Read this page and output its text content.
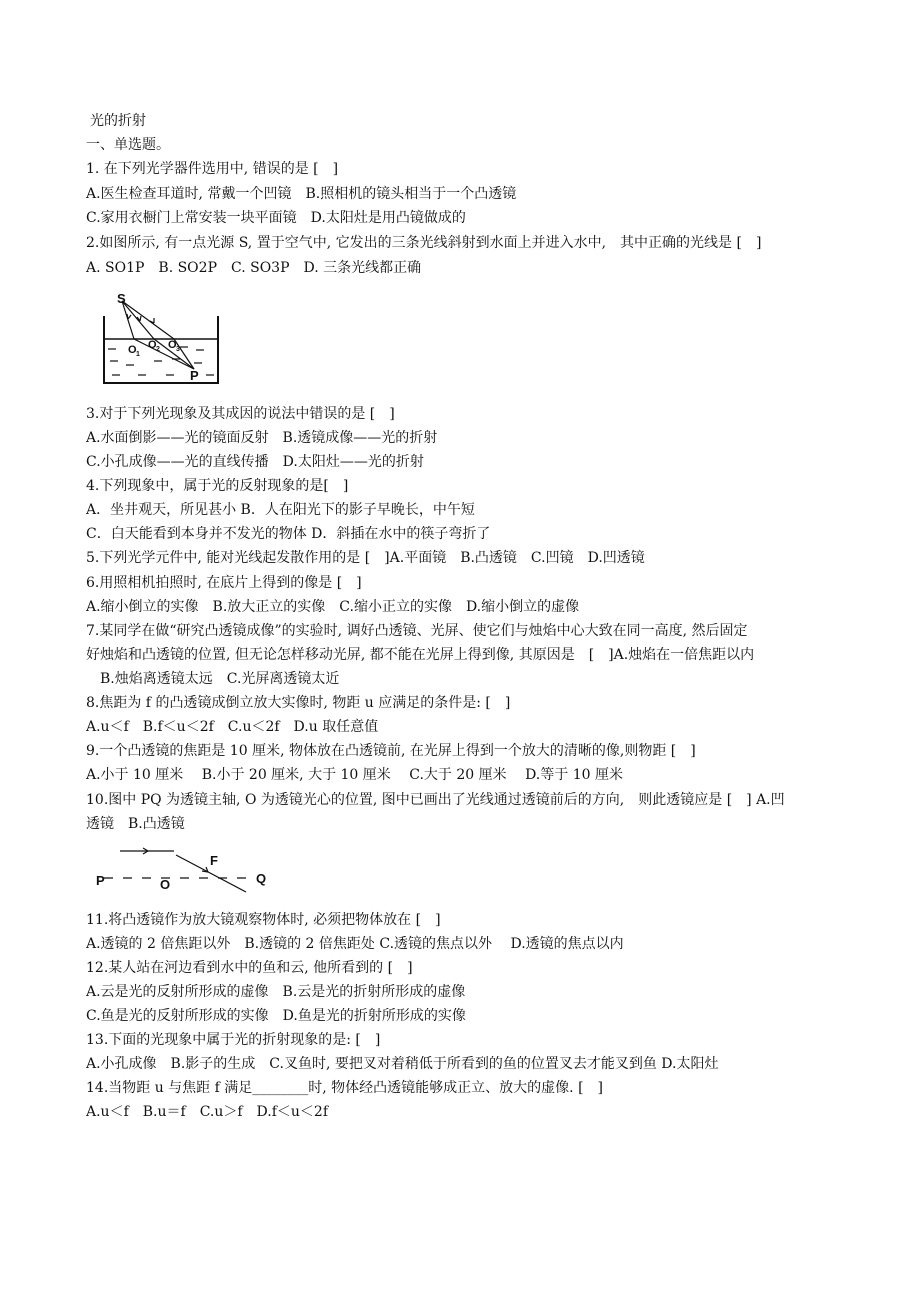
光的折射
一、单选题。
1. 在下列光学器件选用中, 错误的是 [　]
A.医生检查耳道时, 常戴一个凹镜　B.照相机的镜头相当于一个凸透镜
C.家用衣橱门上常安装一块平面镜　D.太阳灶是用凸镜做成的
2.如图所示, 有一点光源 S, 置于空气中, 它发出的三条光线斜射到水面上并进入水中,　其中正确的光线是 [　]
A. SO1P　B. SO2P　C. SO3P　D. 三条光线都正确
S
O 1
O 2 O 3
P
3.对于下列光现象及其成因的说法中错误的是 [　]
A.水面倒影——光的镜面反射　B.透镜成像——光的折射
C.小孔成像——光的直线传播　D.太阳灶——光的折射
4.下列现象中，属于光的反射现象的是[　]
A．坐井观天，所见甚小 B．人在阳光下的影子早晚长，中午短
C．白天能看到本身并不发光的物体 D．斜插在水中的筷子弯折了
5.下列光学元件中, 能对光线起发散作用的是 [　]A.平面镜　B.凸透镜　C.凹镜　D.凹透镜
6.用照相机拍照时, 在底片上得到的像是 [　]
A.缩小倒立的实像　B.放大正立的实像　C.缩小正立的实像　D.缩小倒立的虚像
7.某同学在做“研究凸透镜成像”的实验时, 调好凸透镜、光屏、使它们与烛焰中心大致在同一高度, 然后固定
好烛焰和凸透镜的位置, 但无论怎样移动光屏, 都不能在光屏上得到像, 其原因是　[　]A.烛焰在一倍焦距以内
　B.烛焰离透镜太远　C.光屏离透镜太近
8.焦距为 f 的凸透镜成倒立放大实像时, 物距 u 应满足的条件是: [　]
A.u＜f　B.f＜u＜2f　C.u＜2f　D.u 取任意值
9.一个凸透镜的焦距是 10 厘米, 物体放在凸透镜前, 在光屏上得到一个放大的清晰的像,则物距 [　]
A.小于 10 厘米　 B.小于 20 厘米, 大于 10 厘米　 C.大于 20 厘米　 D.等于 10 厘米
10.图中 PQ 为透镜主轴, O 为透镜光心的位置, 图中已画出了光线通过透镜前后的方向,　则此透镜应是 [　] A.凹
透镜　B.凸透镜
P	O
F
Q
11.将凸透镜作为放大镜观察物体时, 必须把物体放在 [　]
A.透镜的 2 倍焦距以外　B.透镜的 2 倍焦距处 C.透镜的焦点以外　 D.透镜的焦点以内
12.某人站在河边看到水中的鱼和云, 他所看到的 [　]
A.云是光的反射所形成的虚像　B.云是光的折射所形成的虚像
C.鱼是光的反射所形成的实像　D.鱼是光的折射所形成的实像
13.下面的光现象中属于光的折射现象的是: [　]
A.小孔成像　B.影子的生成　C.叉鱼时, 要把叉对着稍低于所看到的鱼的位置叉去才能叉到鱼 D.太阳灶
14.当物距 u 与焦距 f 满足________时, 物体经凸透镜能够成正立、放大的虚像. [　]
A.u＜f　B.u＝f　C.u＞f　D.f＜u＜2f
